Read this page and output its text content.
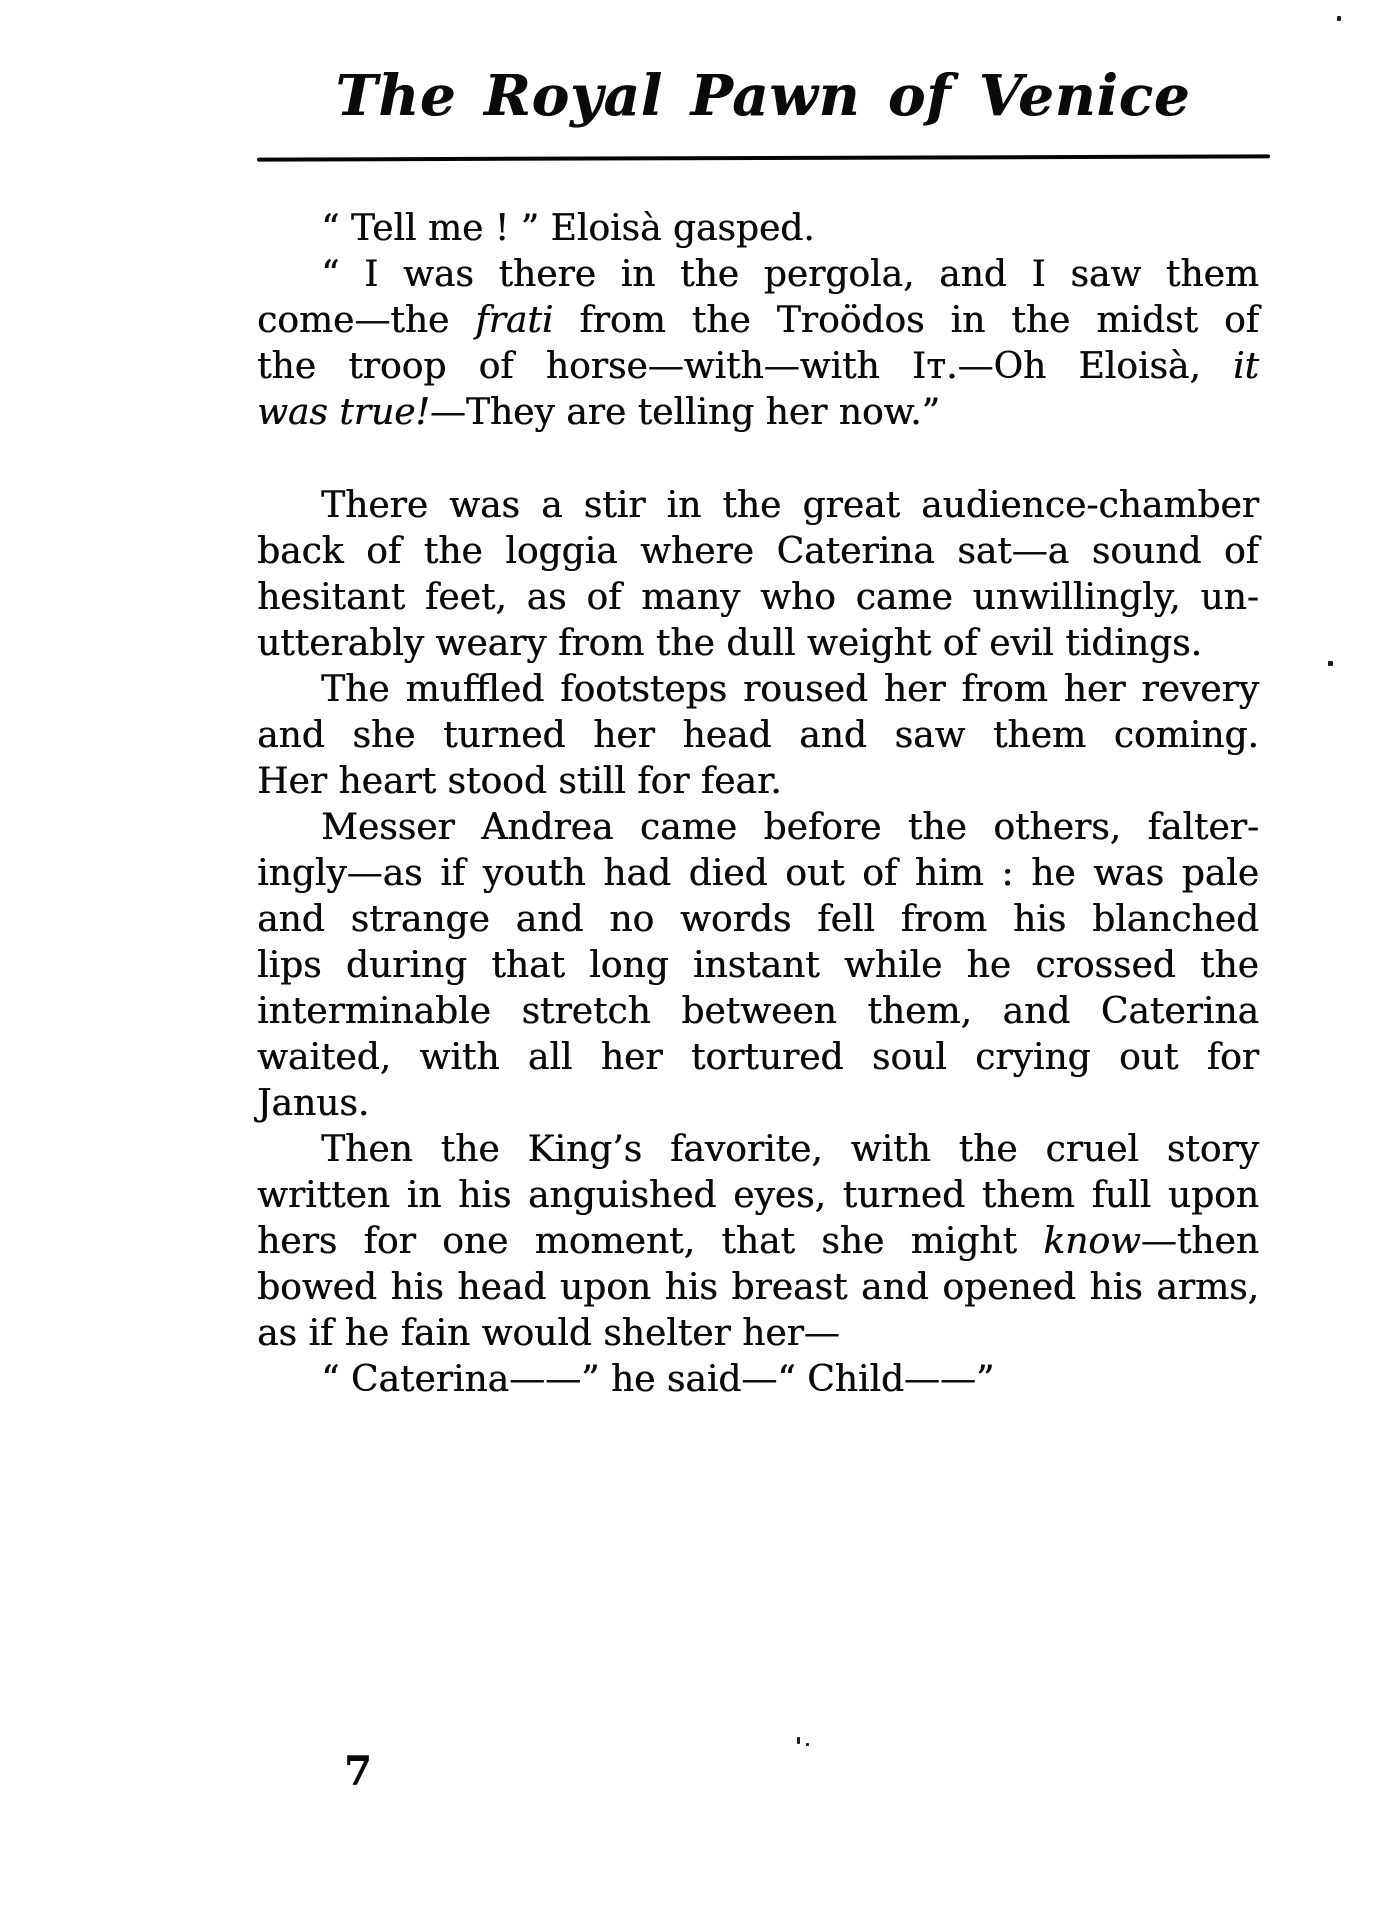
The Royal Pawn of Venice
“ Tell me ! ” Eloisà gasped.
“ I was there in the pergola, and I saw them
come—the frati from the Troödos in the midst of
the troop of horse—with—with Iᴛ.—Oh Eloisà, it
was true!—They are telling her now.”
There was a stir in the great audience-chamber
back of the loggia where Caterina sat—a sound of
hesitant feet, as of many who came unwillingly, un-
utterably weary from the dull weight of evil tidings.
The muffled footsteps roused her from her revery
and she turned her head and saw them coming.
Her heart stood still for fear.
Messer Andrea came before the others, falter-
ingly—as if youth had died out of him : he was pale
and strange and no words fell from his blanched
lips during that long instant while he crossed the
interminable stretch between them, and Caterina
waited, with all her tortured soul crying out for
Janus.
Then the King’s favorite, with the cruel story
written in his anguished eyes, turned them full upon
hers for one moment, that she might know—then
bowed his head upon his breast and opened his arms,
as if he fain would shelter her—
“ Caterina——” he said—“ Child——”
7
